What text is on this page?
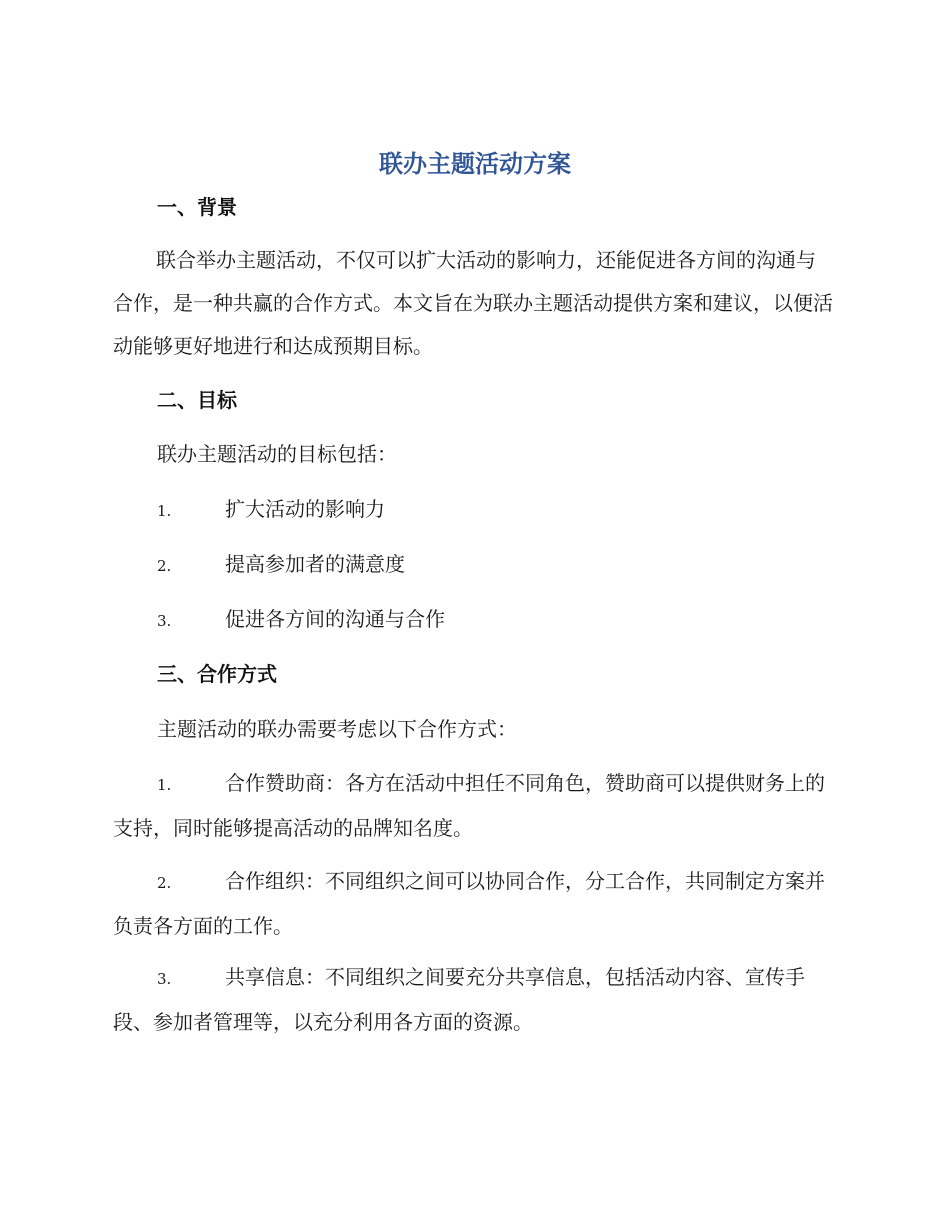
联办主题活动方案
一、背景

联合举办主题活动，不仅可以扩大活动的影响力，还能促进各方间的沟通与合作，是一种共赢的合作方式。本文旨在为联办主题活动提供方案和建议，以便活动能够更好地进行和达成预期目标。

二、目标
联办主题活动的目标包括：

1.	扩大活动的影响力

2.	提高参加者的满意度

3.	促进各方间的沟通与合作

三、合作方式
主题活动的联办需要考虑以下合作方式：

1.	合作赞助商：各方在活动中担任不同角色，赞助商可以提供财务上的支持，同时能够提高活动的品牌知名度。

2.	合作组织：不同组织之间可以协同合作，分工合作，共同制定方案并负责各方面的工作。

3.	共享信息：不同组织之间要充分共享信息，包括活动内容、宣传手段、参加者管理等，以充分利用各方面的资源。
